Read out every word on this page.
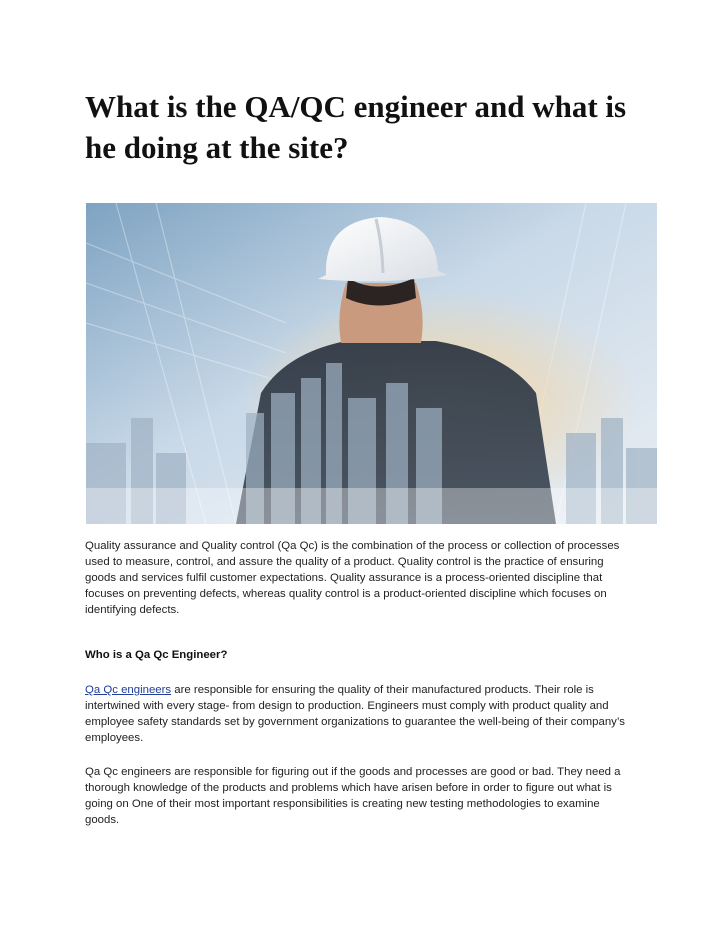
What is the QA/QC engineer and what is he doing at the site?

Quality assurance and Quality control (Qa Qc) is the combination of the process or collection of processes used to measure, control, and assure the quality of a product. Quality control is the practice of ensuring goods and services fulfil customer expectations. Quality assurance is a process-oriented discipline that focuses on preventing defects, whereas quality control is a product-oriented discipline which focuses on identifying defects.

Who is a Qa Qc Engineer?

Qa Qc engineers are responsible for ensuring the quality of their manufactured products. Their role is intertwined with every stage- from design to production. Engineers must comply with product quality and employee safety standards set by government organizations to guarantee the well-being of their company’s employees.

Qa Qc engineers are responsible for figuring out if the goods and processes are good or bad. They need a thorough knowledge of the products and problems which have arisen before in order to figure out what is going on One of their most important responsibilities is creating new testing methodologies to examine goods.
